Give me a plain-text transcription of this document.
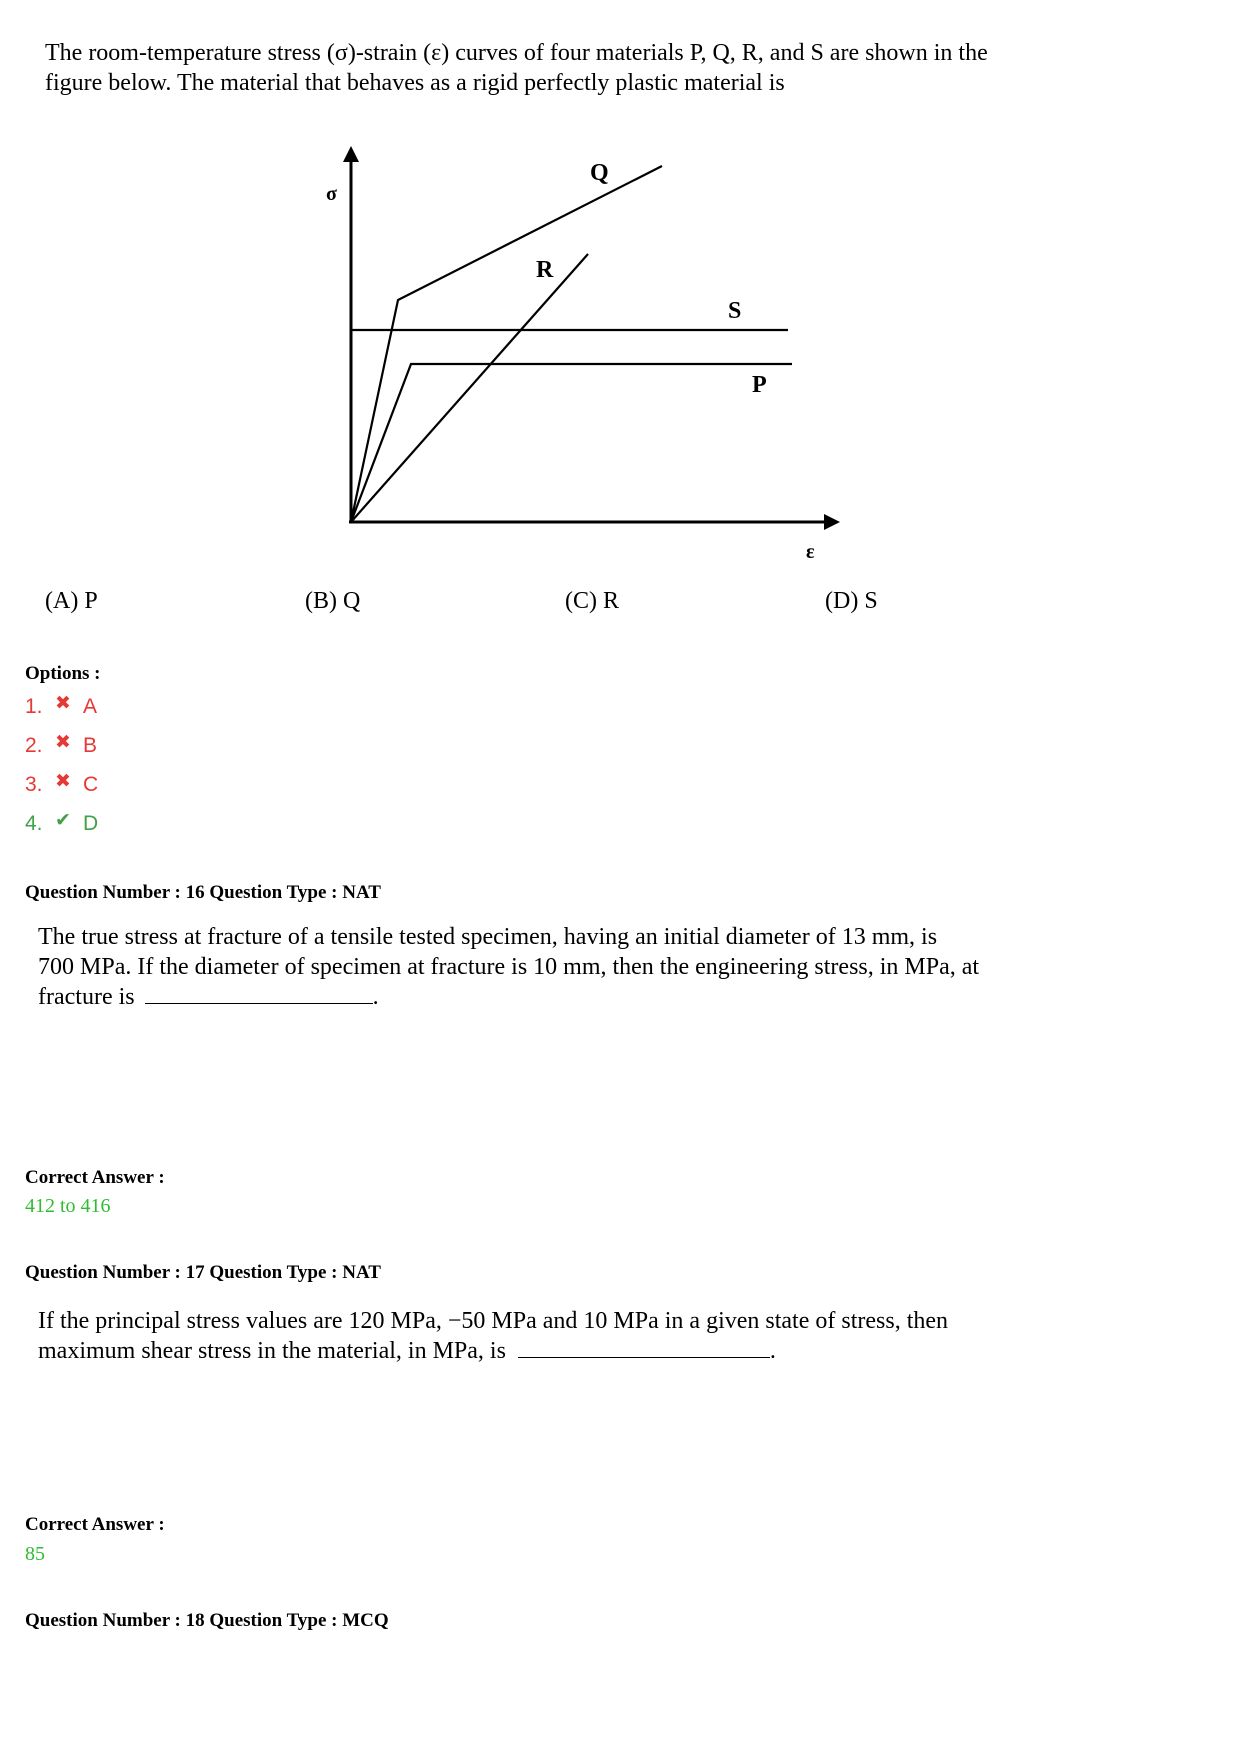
The room-temperature stress (σ)-strain (ε) curves of four materials P, Q, R, and S are shown in the
figure below. The material that behaves as a rigid perfectly plastic material is
σ
ε
Q
R
S
P
(A) P	(B) Q	(C) R	(D) S
Options :
1. ✖ A
2. ✖ B
3. ✖ C
4. ✔ D
Question Number : 16 Question Type : NAT
The true stress at fracture of a tensile tested specimen, having an initial diameter of 13 mm, is
700 MPa. If the diameter of specimen at fracture is 10 mm, then the engineering stress, in MPa, at
fracture is	.
Correct Answer :
412 to 416
Question Number : 17 Question Type : NAT
If the principal stress values are 120 MPa, −50 MPa and 10 MPa in a given state of stress, then
maximum shear stress in the material, in MPa, is	.
Correct Answer :
85
Question Number : 18 Question Type : MCQ
